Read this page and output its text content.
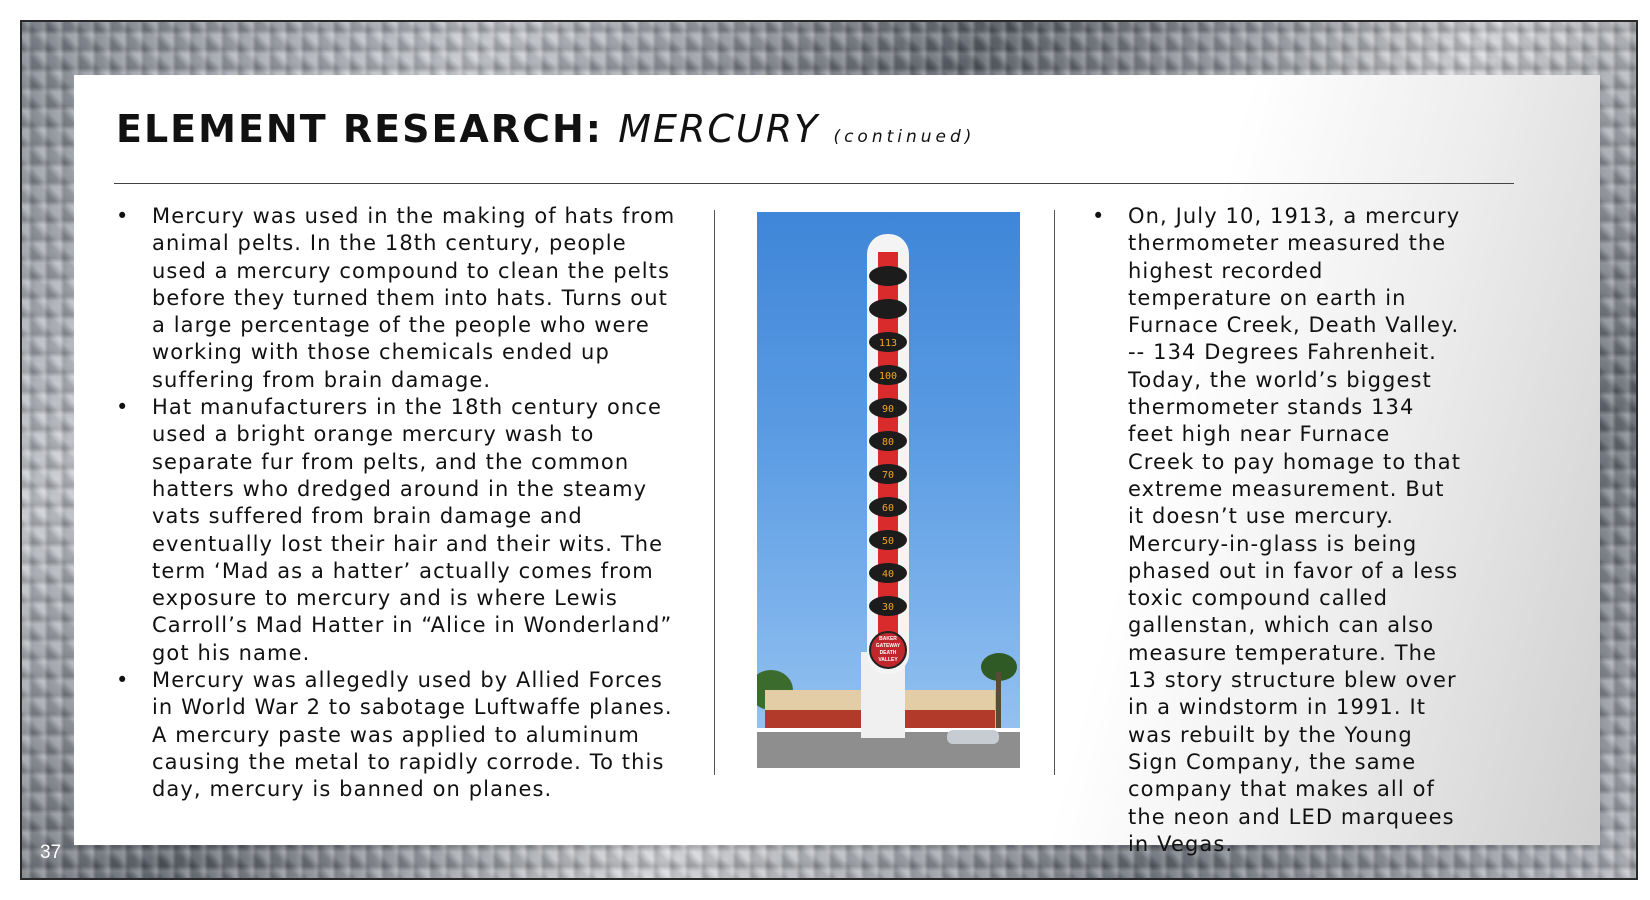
ELEMENT RESEARCH: MERCURY (continued)
• Mercury was used in the making of hats from animal pelts. In the 18th century, people used a mercury compound to clean the pelts before they turned them into hats. Turns out a large percentage of the people who were working with those chemicals ended up suffering from brain damage.
• Hat manufacturers in the 18th century once used a bright orange mercury wash to separate fur from pelts, and the common hatters who dredged around in the steamy vats suffered from brain damage and eventually lost their hair and their wits. The term ‘Mad as a hatter’ actually comes from exposure to mercury and is where Lewis Carroll’s Mad Hatter in “Alice in Wonderland” got his name.
• Mercury was allegedly used by Allied Forces in World War 2 to sabotage Luftwaffe planes. A mercury paste was applied to aluminum causing the metal to rapidly corrode. To this day, mercury is banned on planes.
113
100
90
80
70
60
50
40
30
BAKER
GATEWAY
DEATH
VALLEY
• On, July 10, 1913, a mercury thermometer measured the highest recorded temperature on earth in Furnace Creek, Death Valley. -- 134 Degrees Fahrenheit. Today, the world’s biggest thermometer stands 134 feet high near Furnace Creek to pay homage to that extreme measurement. But it doesn’t use mercury. Mercury-in-glass is being phased out in favor of a less toxic compound called gallenstan, which can also measure temperature. The 13 story structure blew over in a windstorm in 1991. It was rebuilt by the Young Sign Company, the same company that makes all of the neon and LED marquees in Vegas.
37
